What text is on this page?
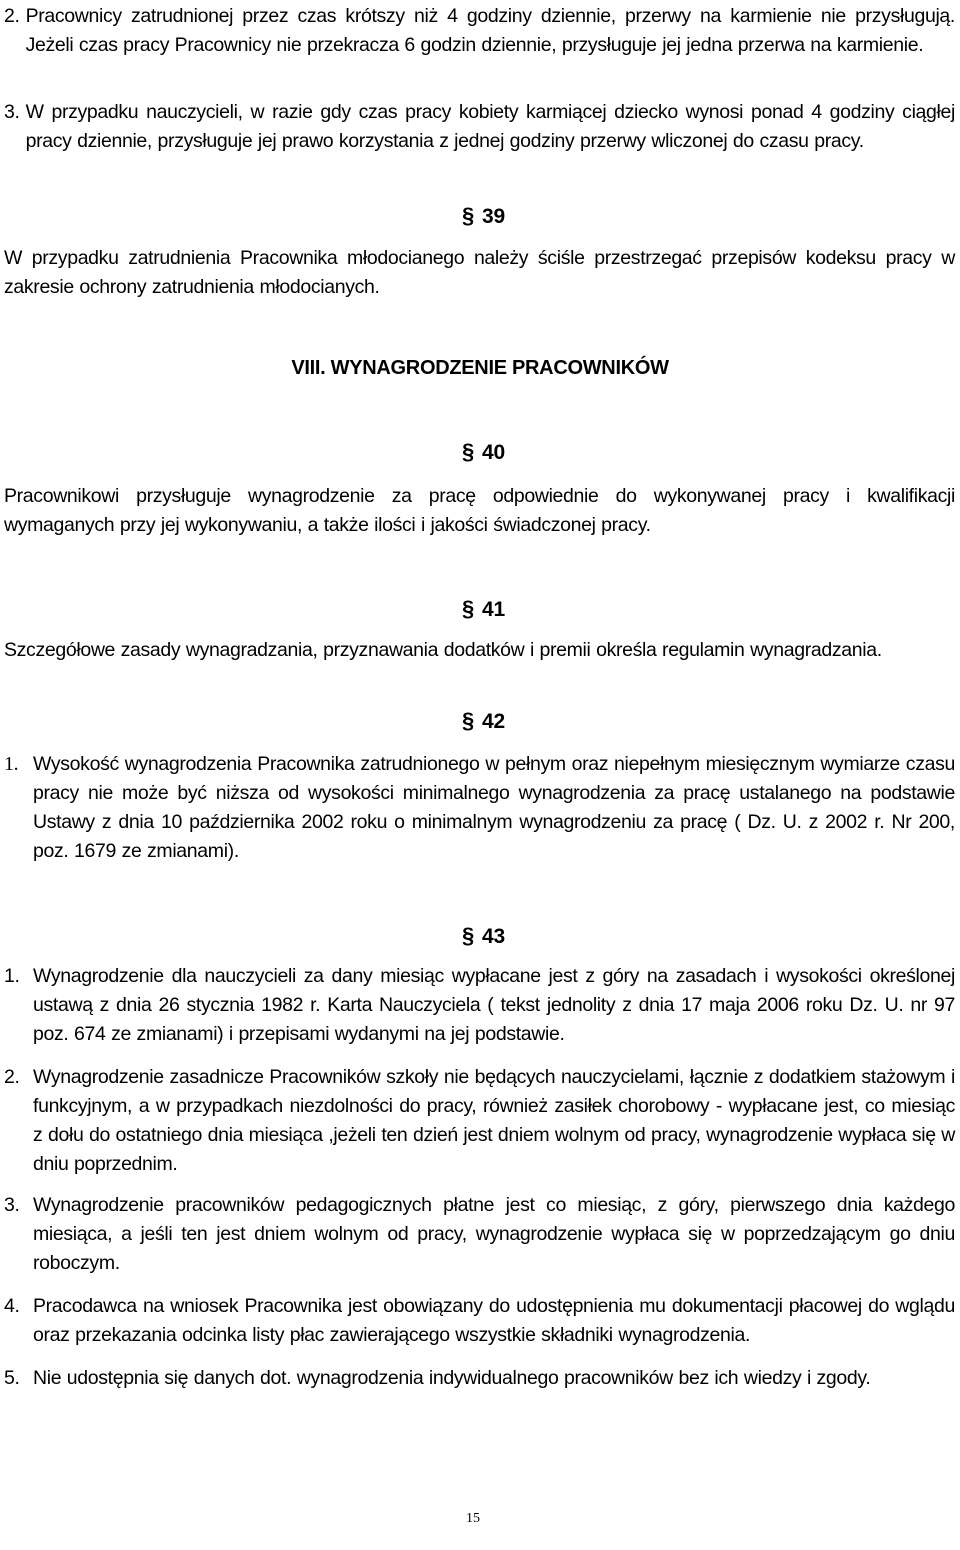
2. Pracownicy zatrudnionej przez czas krótszy niż 4 godziny dziennie, przerwy na karmienie nie przysługują. Jeżeli czas pracy Pracownicy nie przekracza 6 godzin dziennie, przysługuje jej jedna przerwa na karmienie.
3. W przypadku nauczycieli, w razie gdy czas pracy kobiety karmiącej dziecko wynosi ponad 4 godziny ciągłej pracy dziennie, przysługuje jej prawo korzystania z jednej godziny przerwy wliczonej do czasu pracy.
§ 39
W przypadku zatrudnienia Pracownika młodocianego należy ściśle przestrzegać przepisów kodeksu pracy w zakresie ochrony zatrudnienia młodocianych.
VIII. WYNAGRODZENIE PRACOWNIKÓW
§ 40
Pracownikowi przysługuje wynagrodzenie za pracę odpowiednie do wykonywanej pracy i kwalifikacji wymaganych przy jej wykonywaniu, a także ilości i jakości świadczonej pracy.
§ 41
Szczegółowe zasady wynagradzania, przyznawania dodatków i premii określa regulamin wynagradzania.
§ 42
1. Wysokość wynagrodzenia Pracownika zatrudnionego w pełnym oraz niepełnym miesięcznym wymiarze czasu pracy nie może być niższa od wysokości minimalnego wynagrodzenia za pracę ustalanego na podstawie Ustawy z dnia 10 października 2002 roku o minimalnym wynagrodzeniu za pracę ( Dz. U. z 2002 r. Nr 200, poz. 1679 ze zmianami).
§ 43
1. Wynagrodzenie dla nauczycieli za dany miesiąc wypłacane jest z góry na zasadach i wysokości określonej ustawą z dnia 26 stycznia 1982 r. Karta Nauczyciela ( tekst jednolity z dnia 17 maja 2006 roku Dz. U. nr 97 poz. 674 ze zmianami) i przepisami wydanymi na jej podstawie.
2. Wynagrodzenie zasadnicze Pracowników szkoły nie będących nauczycielami, łącznie z dodatkiem stażowym i funkcyjnym, a w przypadkach niezdolności do pracy, również zasiłek chorobowy - wypłacane jest, co miesiąc z dołu do ostatniego dnia miesiąca ,jeżeli ten dzień jest dniem wolnym od pracy, wynagrodzenie wypłaca się w dniu poprzednim.
3. Wynagrodzenie pracowników pedagogicznych płatne jest co miesiąc, z góry, pierwszego dnia każdego miesiąca, a jeśli ten jest dniem wolnym od pracy, wynagrodzenie wypłaca się w poprzedzającym go dniu roboczym.
4. Pracodawca na wniosek Pracownika jest obowiązany do udostępnienia mu dokumentacji płacowej do wglądu oraz przekazania odcinka listy płac zawierającego wszystkie składniki wynagrodzenia.
5. Nie udostępnia się danych dot. wynagrodzenia indywidualnego pracowników bez ich wiedzy i zgody.
15
